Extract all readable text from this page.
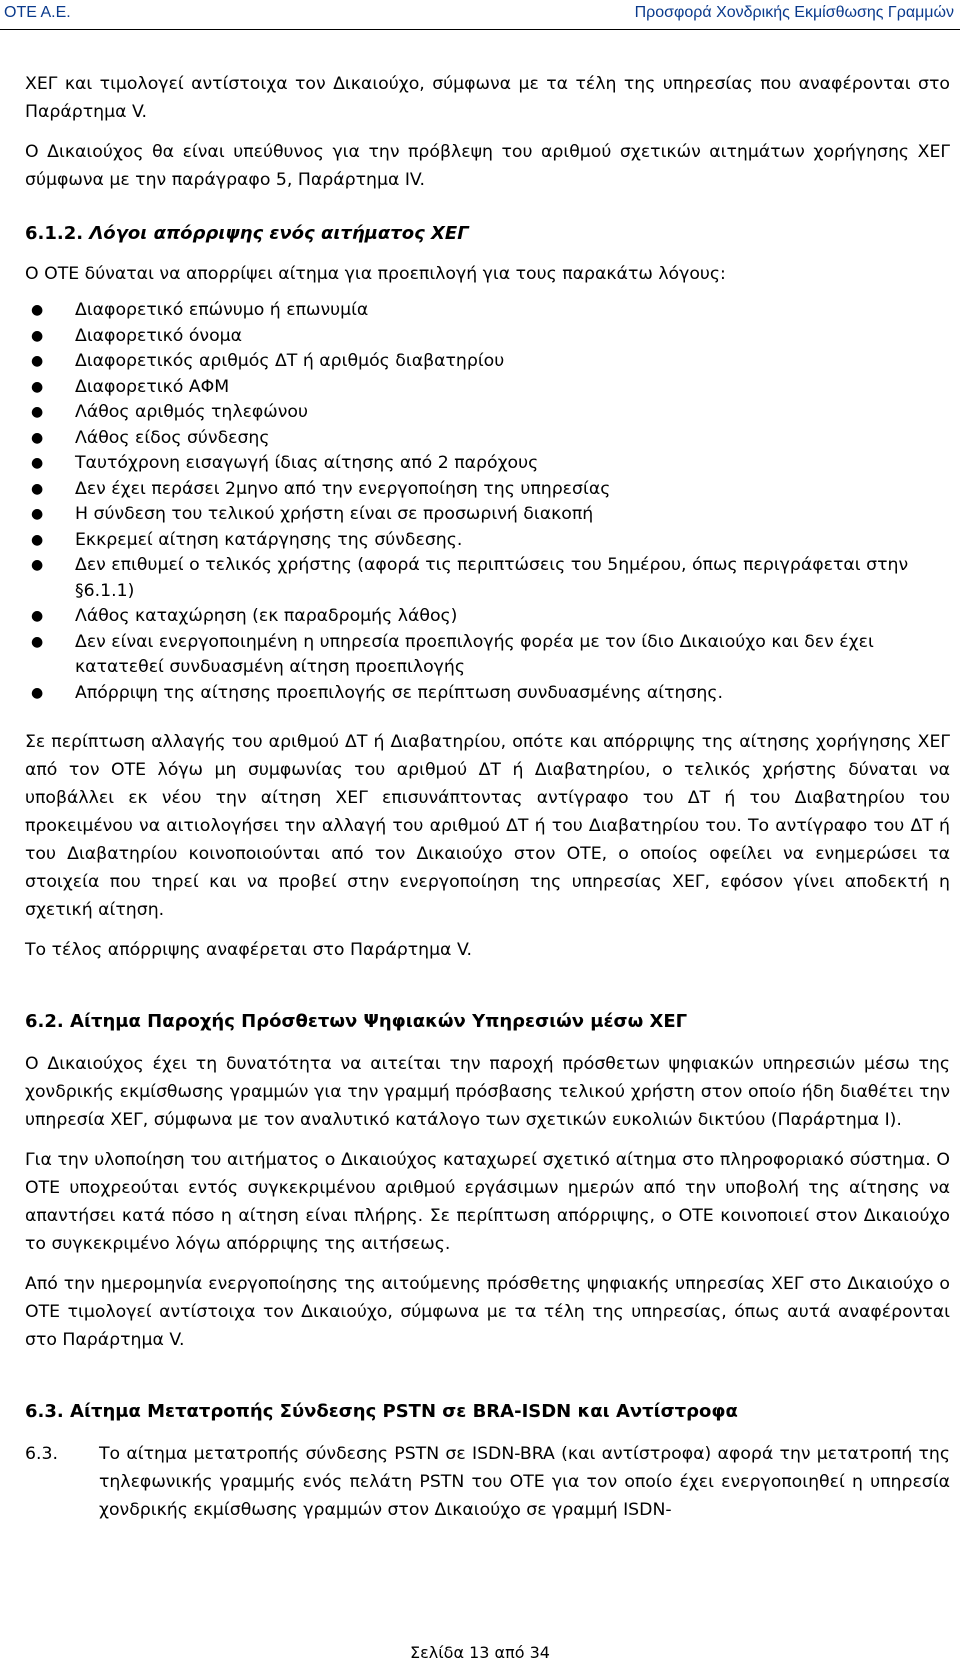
ΟΤΕ Α.Ε.	Προσφορά Χονδρικής Εκμίσθωσης Γραμμών

ΧΕΓ και τιμολογεί αντίστοιχα τον Δικαιούχο, σύμφωνα με τα τέλη της υπηρεσίας που αναφέρονται στο Παράρτημα V.

Ο Δικαιούχος θα είναι υπεύθυνος για την πρόβλεψη του αριθμού σχετικών αιτημάτων χορήγησης ΧΕΓ σύμφωνα με την παράγραφο 5, Παράρτημα IV.

6.1.2. Λόγοι απόρριψης ενός αιτήματος ΧΕΓ

Ο ΟΤΕ δύναται να απορρίψει αίτημα για προεπιλογή για τους παρακάτω λόγους:

● Διαφορετικό επώνυμο ή επωνυμία
● Διαφορετικό όνομα
● Διαφορετικός αριθμός ΔΤ ή αριθμός διαβατηρίου
● Διαφορετικό ΑΦΜ
● Λάθος αριθμός τηλεφώνου
● Λάθος είδος σύνδεσης
● Ταυτόχρονη εισαγωγή ίδιας αίτησης από 2 παρόχους
● Δεν έχει περάσει 2μηνο από την ενεργοποίηση της υπηρεσίας
● Η σύνδεση του τελικού χρήστη είναι σε προσωρινή διακοπή
● Εκκρεμεί αίτηση κατάργησης της σύνδεσης.
● Δεν επιθυμεί ο τελικός χρήστης (αφορά τις περιπτώσεις του 5ημέρου, όπως περιγράφεται στην §6.1.1)
● Λάθος καταχώρηση (εκ παραδρομής λάθος)
● Δεν είναι ενεργοποιημένη η υπηρεσία προεπιλογής φορέα με τον ίδιο Δικαιούχο και δεν έχει κατατεθεί συνδυασμένη αίτηση προεπιλογής
● Απόρριψη της αίτησης προεπιλογής σε περίπτωση συνδυασμένης αίτησης.

Σε περίπτωση αλλαγής του αριθμού ΔΤ ή Διαβατηρίου, οπότε και απόρριψης της αίτησης χορήγησης ΧΕΓ από τον ΟΤΕ λόγω μη συμφωνίας του αριθμού ΔΤ ή Διαβατηρίου, ο τελικός χρήστης δύναται να υποβάλλει εκ νέου την αίτηση ΧΕΓ επισυνάπτοντας αντίγραφο του ΔΤ ή του Διαβατηρίου του προκειμένου να αιτιολογήσει την αλλαγή του αριθμού ΔΤ ή του Διαβατηρίου του. Το αντίγραφο του ΔΤ ή του Διαβατηρίου κοινοποιούνται από τον Δικαιούχο στον ΟΤΕ, ο οποίος οφείλει να ενημερώσει τα στοιχεία που τηρεί και να προβεί στην ενεργοποίηση της υπηρεσίας ΧΕΓ, εφόσον γίνει αποδεκτή η σχετική αίτηση.

Το τέλος απόρριψης αναφέρεται στο Παράρτημα V.

6.2. Αίτημα Παροχής Πρόσθετων Ψηφιακών Υπηρεσιών μέσω ΧΕΓ

Ο Δικαιούχος έχει τη δυνατότητα να αιτείται την παροχή πρόσθετων ψηφιακών υπηρεσιών μέσω της χονδρικής εκμίσθωσης γραμμών για την γραμμή πρόσβασης τελικού χρήστη στον οποίο ήδη διαθέτει την υπηρεσία ΧΕΓ, σύμφωνα με τον αναλυτικό κατάλογο των σχετικών ευκολιών δικτύου (Παράρτημα Ι).

Για την υλοποίηση του αιτήματος ο Δικαιούχος καταχωρεί σχετικό αίτημα στο πληροφοριακό σύστημα. Ο ΟΤΕ υποχρεούται εντός συγκεκριμένου αριθμού εργάσιμων ημερών από την υποβολή της αίτησης να απαντήσει κατά πόσο η αίτηση είναι πλήρης. Σε περίπτωση απόρριψης, ο ΟΤΕ κοινοποιεί στον Δικαιούχο το συγκεκριμένο λόγω απόρριψης της αιτήσεως.

Από την ημερομηνία ενεργοποίησης της αιτούμενης πρόσθετης ψηφιακής υπηρεσίας ΧΕΓ στο Δικαιούχο ο ΟΤΕ τιμολογεί αντίστοιχα τον Δικαιούχο, σύμφωνα με τα τέλη της υπηρεσίας, όπως αυτά αναφέρονται στο Παράρτημα V.

6.3. Αίτημα Μετατροπής Σύνδεσης PSTN σε BRA-ISDN και Αντίστροφα
6.3.	Το αίτημα μετατροπής σύνδεσης PSTN σε ISDN-BRA (και αντίστροφα) αφορά την μετατροπή της τηλεφωνικής γραμμής ενός πελάτη PSTN του ΟΤΕ για τον οποίο έχει ενεργοποιηθεί η υπηρεσία χονδρικής εκμίσθωσης γραμμών στον Δικαιούχο σε γραμμή ISDN-
Σελίδα 13 από 34
